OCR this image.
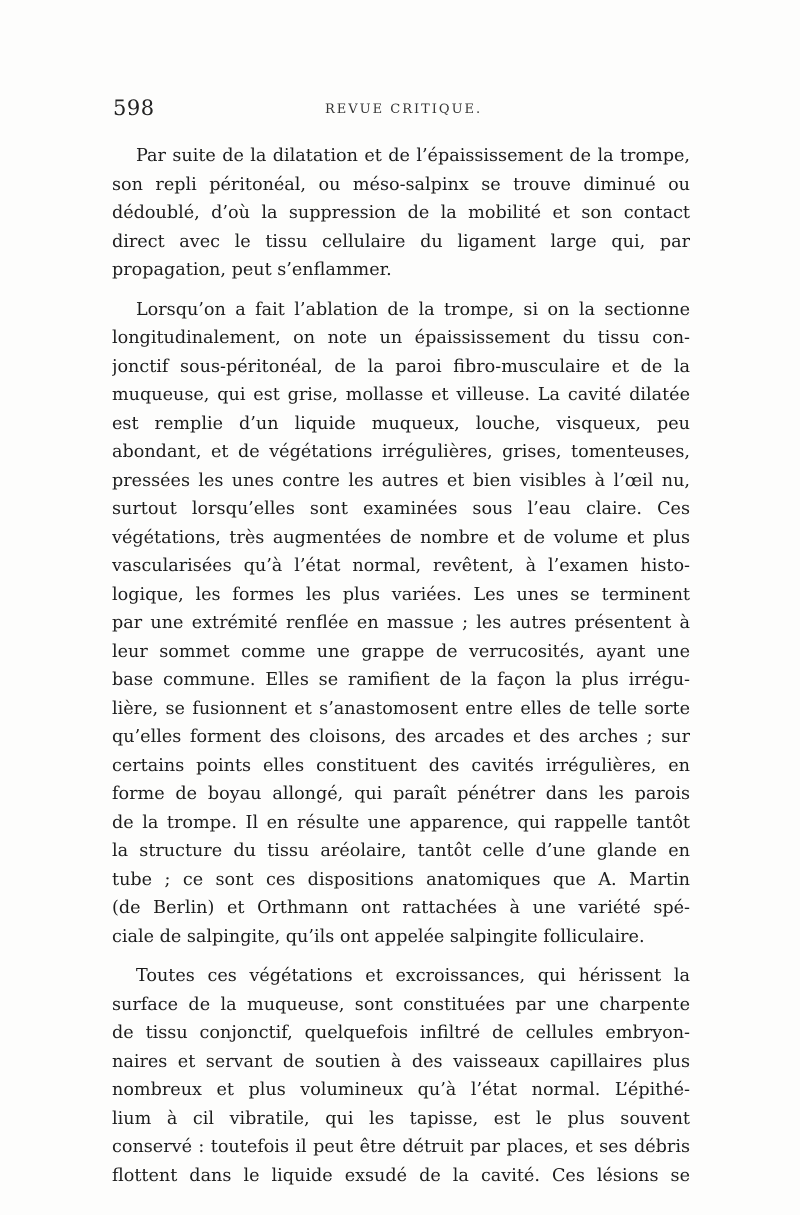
598	REVUE CRITIQUE.
Par suite de la dilatation et de l’épaississement de la trompe,
son repli péritonéal, ou méso-salpinx se trouve diminué ou
dédoublé, d’où la suppression de la mobilité et son contact
direct avec le tissu cellulaire du ligament large qui, par
propagation, peut s’enflammer.
Lorsqu’on a fait l’ablation de la trompe, si on la sectionne
longitudinalement, on note un épaississement du tissu con-
jonctif sous-péritonéal, de la paroi fibro-musculaire et de la
muqueuse, qui est grise, mollasse et villeuse. La cavité dilatée
est remplie d’un liquide muqueux, louche, visqueux, peu
abondant, et de végétations irrégulières, grises, tomenteuses,
pressées les unes contre les autres et bien visibles à l’œil nu,
surtout lorsqu’elles sont examinées sous l’eau claire. Ces
végétations, très augmentées de nombre et de volume et plus
vascularisées qu’à l’état normal, revêtent, à l’examen histo-
logique, les formes les plus variées. Les unes se terminent
par une extrémité renflée en massue ; les autres présentent à
leur sommet comme une grappe de verrucosités, ayant une
base commune. Elles se ramifient de la façon la plus irrégu-
lière, se fusionnent et s’anastomosent entre elles de telle sorte
qu’elles forment des cloisons, des arcades et des arches ; sur
certains points elles constituent des cavités irrégulières, en
forme de boyau allongé, qui paraît pénétrer dans les parois
de la trompe. Il en résulte une apparence, qui rappelle tantôt
la structure du tissu aréolaire, tantôt celle d’une glande en
tube ; ce sont ces dispositions anatomiques que A. Martin
(de Berlin) et Orthmann ont rattachées à une variété spé-
ciale de salpingite, qu’ils ont appelée salpingite folliculaire.
Toutes ces végétations et excroissances, qui hérissent la
surface de la muqueuse, sont constituées par une charpente
de tissu conjonctif, quelquefois infiltré de cellules embryon-
naires et servant de soutien à des vaisseaux capillaires plus
nombreux et plus volumineux qu’à l’état normal. L’épithé-
lium à cil vibratile, qui les tapisse, est le plus souvent
conservé : toutefois il peut être détruit par places, et ses débris
flottent dans le liquide exsudé de la cavité. Ces lésions se
